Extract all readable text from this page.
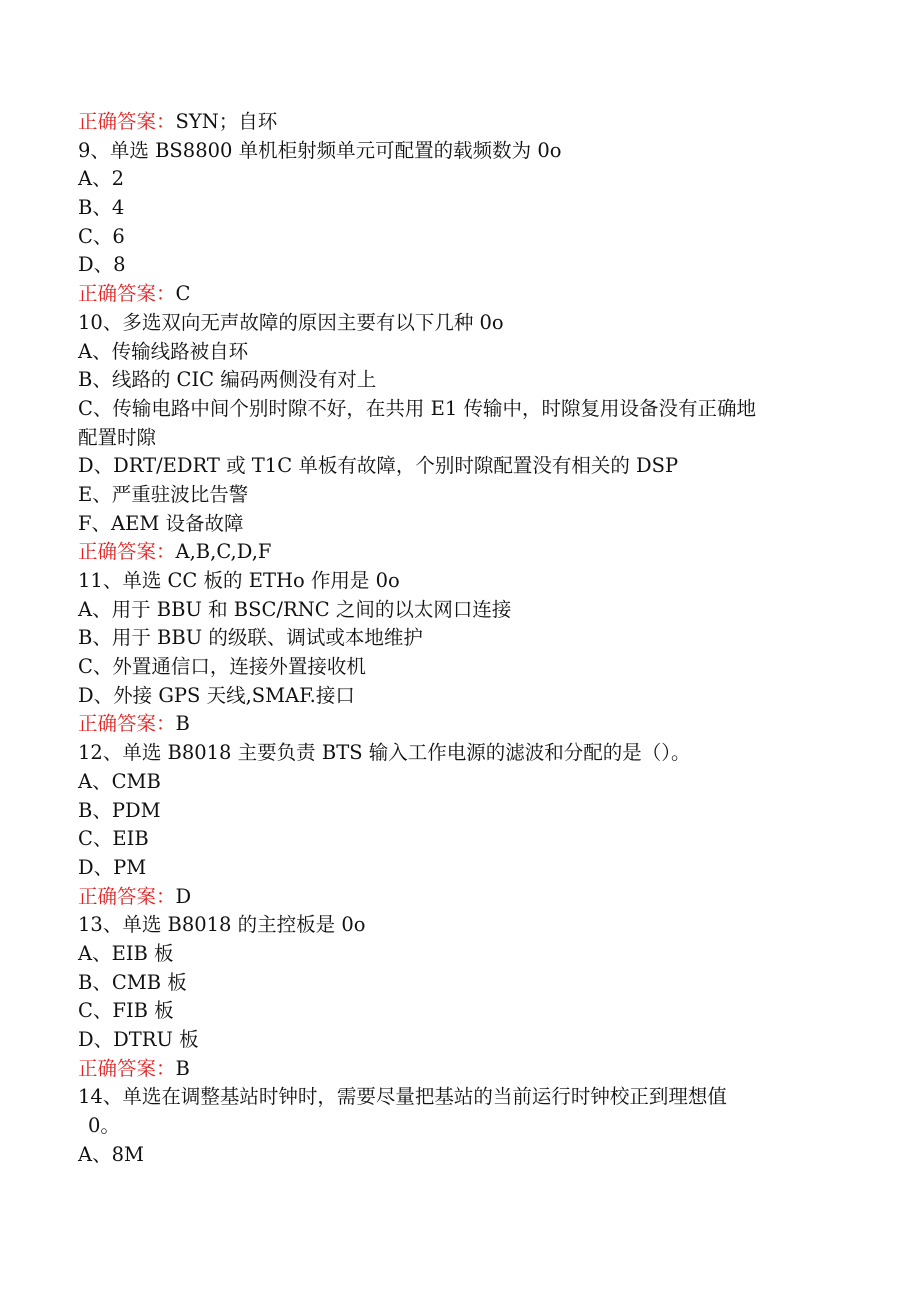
正确答案：SYN；自环
9、单选 BS8800 单机柜射频单元可配置的载频数为 0o
A、2
B、4
C、6
D、8
正确答案：C
10、多选双向无声故障的原因主要有以下几种 0o
A、传输线路被自环
B、线路的 CIC 编码两侧没有对上
C、传输电路中间个别时隙不好，在共用 E1 传输中，时隙复用设备没有正确地
配置时隙
D、DRT/EDRT 或 T1C 单板有故障，个别时隙配置没有相关的 DSP
E、严重驻波比告警
F、AEM 设备故障
正确答案：A,B,C,D,F
11、单选 CC 板的 ETHo 作用是 0o
A、用于 BBU 和 BSC/RNC 之间的以太网口连接
B、用于 BBU 的级联、调试或本地维护
C、外置通信口，连接外置接收机
D、外接 GPS 天线,SMAF.接口
正确答案：B
12、单选 B8018 主要负责 BTS 输入工作电源的滤波和分配的是（）。
A、CMB
B、PDM
C、EIB
D、PM
正确答案：D
13、单选 B8018 的主控板是 0o
A、EIB 板
B、CMB 板
C、FIB 板
D、DTRU 板
正确答案：B
14、单选在调整基站时钟时，需要尽量把基站的当前运行时钟校正到理想值
0。
A、8M
